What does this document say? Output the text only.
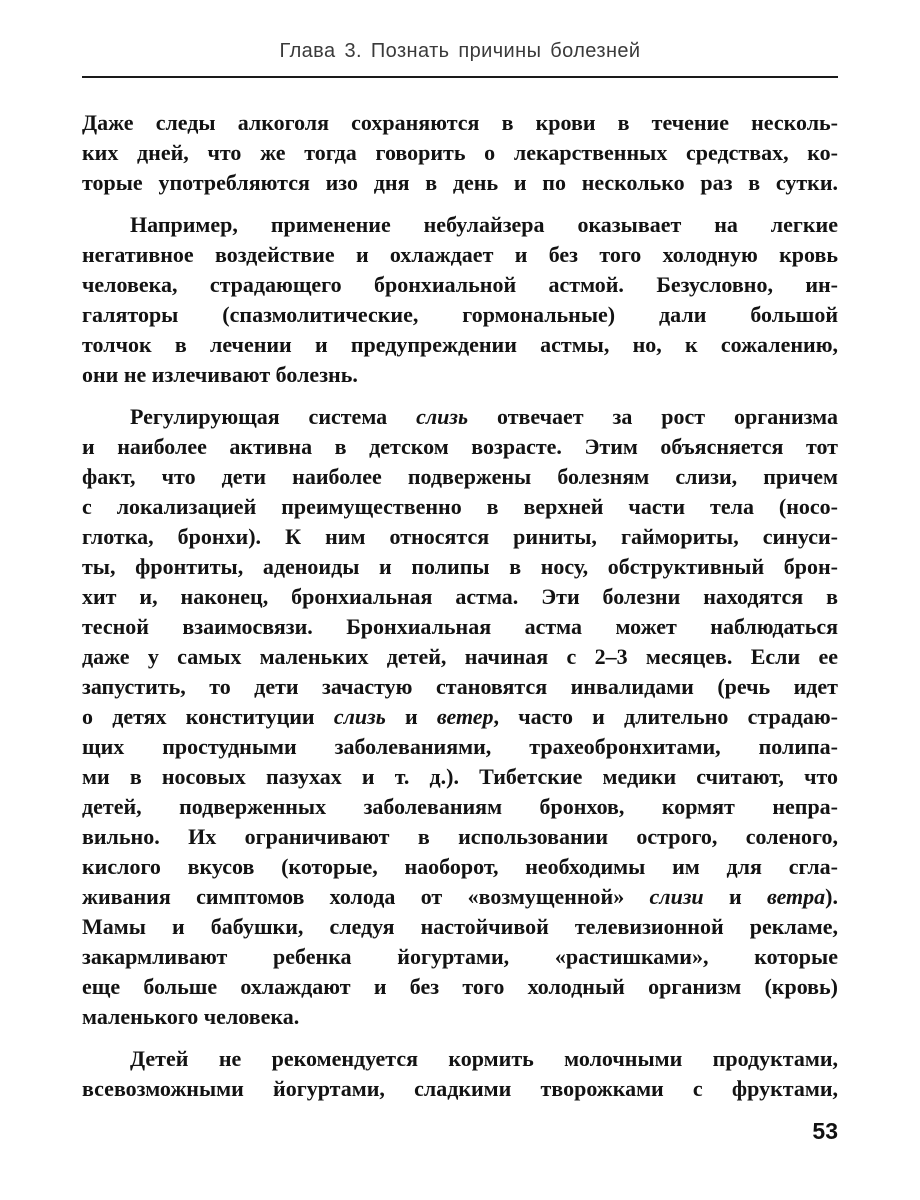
Глава 3. Познать причины болезней
Даже следы алкоголя сохраняются в крови в течение несколь-
ких дней, что же тогда говорить о лекарственных средствах, ко-
торые употребляются изо дня в день и по несколько раз в сутки.
Например, применение небулайзера оказывает на легкие
негативное воздействие и охлаждает и без того холодную кровь
человека, страдающего бронхиальной астмой. Безусловно, ин-
галяторы (спазмолитические, гормональные) дали большой
толчок в лечении и предупреждении астмы, но, к сожалению,
они не излечивают болезнь.
Регулирующая система слизь отвечает за рост организма
и наиболее активна в детском возрасте. Этим объясняется тот
факт, что дети наиболее подвержены болезням слизи, причем
с локализацией преимущественно в верхней части тела (носо-
глотка, бронхи). К ним относятся риниты, гаймориты, синуси-
ты, фронтиты, аденоиды и полипы в носу, обструктивный брон-
хит и, наконец, бронхиальная астма. Эти болезни находятся в
тесной взаимосвязи. Бронхиальная астма может наблюдаться
даже у самых маленьких детей, начиная с 2–3 месяцев. Если ее
запустить, то дети зачастую становятся инвалидами (речь идет
о детях конституции слизь и ветер, часто и длительно страдаю-
щих простудными заболеваниями, трахеобронхитами, полипа-
ми в носовых пазухах и т. д.). Тибетские медики считают, что
детей, подверженных заболеваниям бронхов, кормят непра-
вильно. Их ограничивают в использовании острого, соленого,
кислого вкусов (которые, наоборот, необходимы им для сгла-
живания симптомов холода от «возмущенной» слизи и ветра).
Мамы и бабушки, следуя настойчивой телевизионной рекламе,
закармливают ребенка йогуртами, «растишками», которые
еще больше охлаждают и без того холодный организм (кровь)
маленького человека.
Детей не рекомендуется кормить молочными продуктами,
всевозможными йогуртами, сладкими творожками с фруктами,
53
